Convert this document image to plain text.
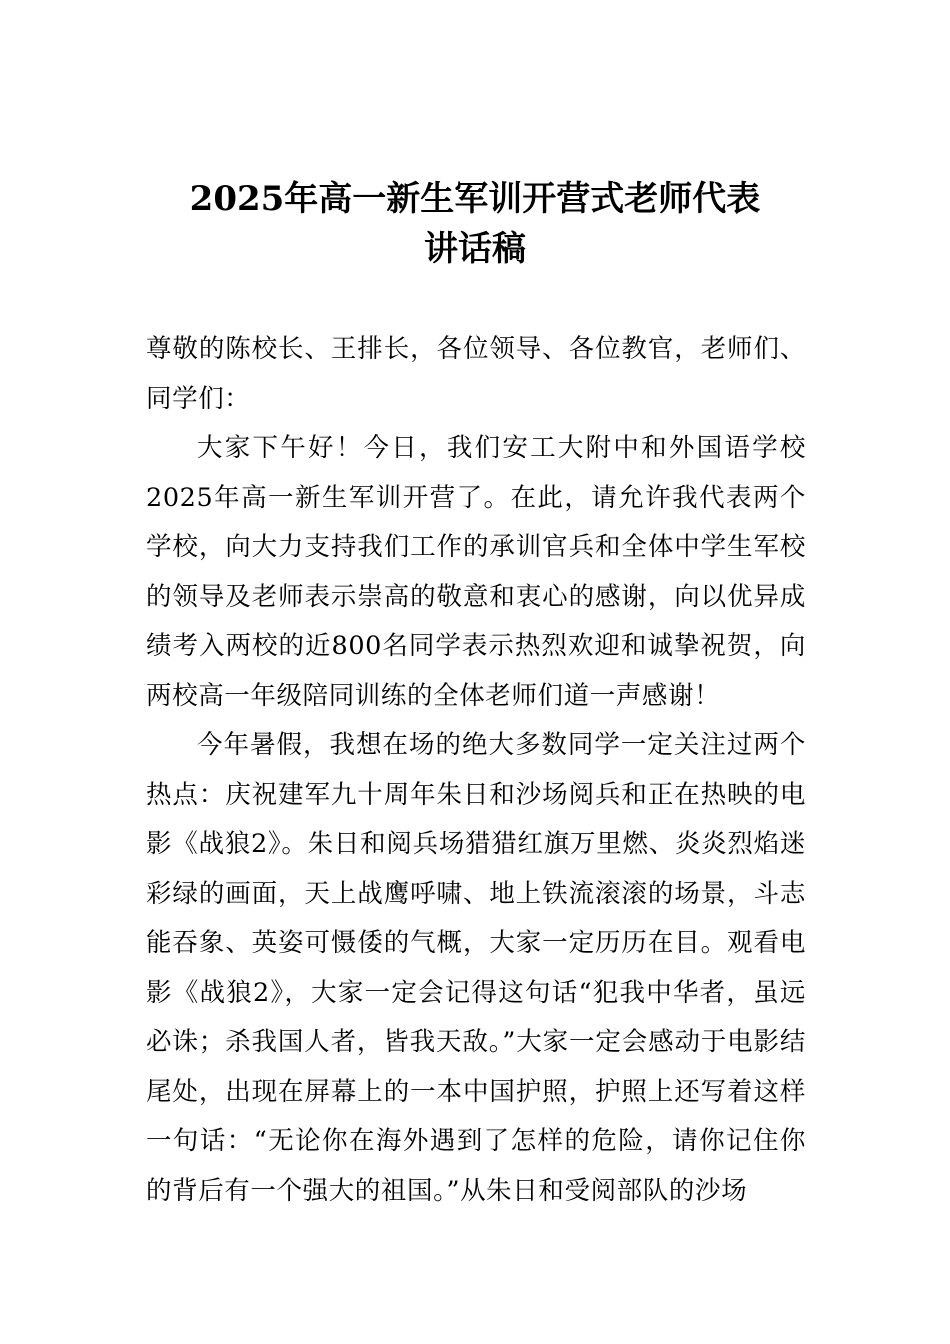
2025年高一新生军训开营式老师代表
讲话稿

尊敬的陈校长、王排长，各位领导、各位教官，老师们、同学们：

大家下午好！今日，我们安工大附中和外国语学校2025年高一新生军训开营了。在此，请允许我代表两个学校，向大力支持我们工作的承训官兵和全体中学生军校的领导及老师表示崇高的敬意和衷心的感谢，向以优异成绩考入两校的近800名同学表示热烈欢迎和诚挚祝贺，向两校高一年级陪同训练的全体老师们道一声感谢！

今年暑假，我想在场的绝大多数同学一定关注过两个热点：庆祝建军九十周年朱日和沙场阅兵和正在热映的电影《战狼2》。朱日和阅兵场猎猎红旗万里燃、炎炎烈焰迷彩绿的画面，天上战鹰呼啸、地上铁流滚滚的场景，斗志能吞象、英姿可慑倭的气概，大家一定历历在目。观看电影《战狼2》，大家一定会记得这句话“犯我中华者，虽远必诛；杀我国人者，皆我天敌。”大家一定会感动于电影结尾处，出现在屏幕上的一本中国护照，护照上还写着这样一句话：“无论你在海外遇到了怎样的危险，请你记住你的背后有一个强大的祖国。”从朱日和受阅部队的沙场
